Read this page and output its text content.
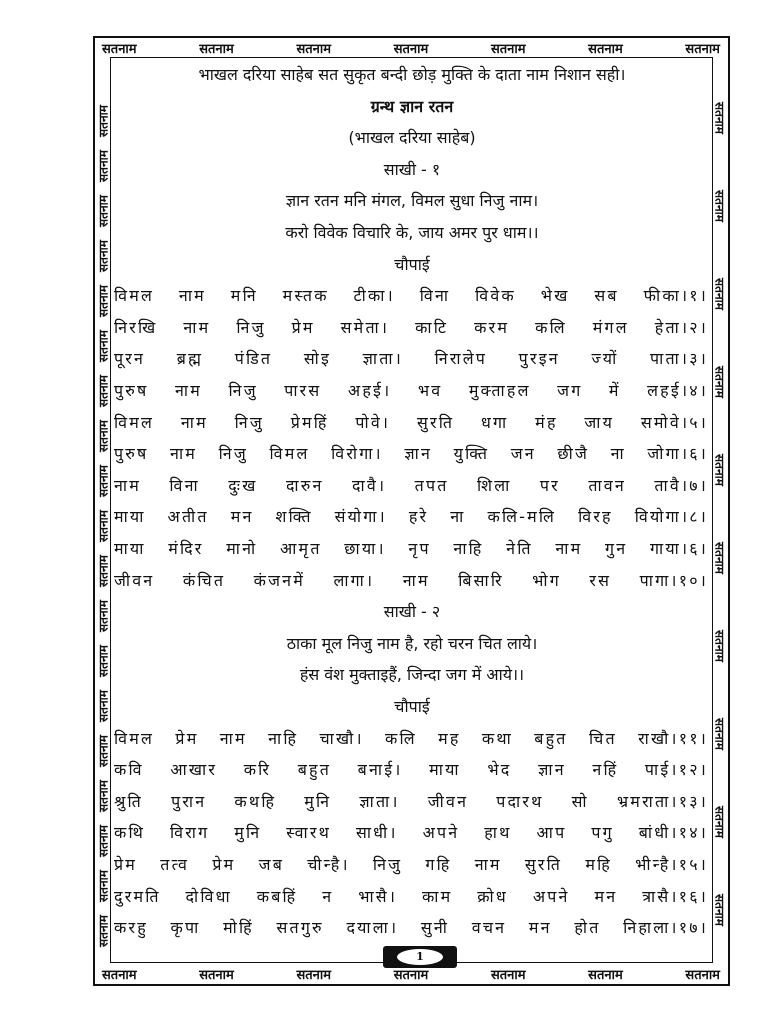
सतनाम	सतनाम	सतनाम	सतनाम	सतनाम	सतनाम	सतनाम
सतनाम	सतनाम	सतनाम	सतनाम	सतनाम	सतनाम	सतनाम
सतनाम
सतनाम
सतनाम
सतनाम
सतनाम
सतनाम
सतनाम
सतनाम
सतनाम
सतनाम
सतनाम
सतनाम
सतनाम
सतनाम
सतनाम
सतनाम
सतनाम
सतनाम
सतनाम
सतनाम
सतनाम
सतनाम
सतनाम
सतनाम
सतनाम
सतनाम
सतनाम
सतनाम
सतनाम
भाखल दरिया साहेब सत सुकृत बन्दी छोड़ मुक्ति के दाता नाम निशान सही।
ग्रन्थ ज्ञान रतन
(भाखल दरिया साहेब)
साखी - १
ज्ञान रतन मनि मंगल, विमल सुधा निजु नाम।
करो विवेक विचारि के, जाय अमर पुर धाम।।
चौपाई
विमल नाम मनि मस्तक टीका। विना विवेक भेख सब फीका।१।
निरखि नाम निजु प्रेम समेता। काटि करम कलि मंगल हेता।२।
पूरन ब्रह्म पंडित सोइ ज्ञाता। निरालेप पुरइन ज्यों पाता।३।
पुरुष नाम निजु पारस अहई। भव मुक्ताहल जग में लहई।४।
विमल नाम निजु प्रेमहिं पोवे। सुरति धगा मंह जाय समोवे।५।
पुरुष नाम निजु विमल विरोगा। ज्ञान युक्ति जन छीजै ना जोगा।६।
नाम विना दुःख दारुन दावै। तपत शिला पर तावन तावै।७।
माया अतीत मन शक्ति संयोगा। हरे ना कलि-मलि विरह वियोगा।८।
माया मंदिर मानो आमृत छाया। नृप नाहि नेति नाम गुन गाया।६।
जीवन कंचित कंजनमें लागा। नाम बिसारि भोग रस पागा।१०।
साखी - २
ठाका मूल निजु नाम है, रहो चरन चित लाये।
हंस वंश मुक्ताइहैं, जिन्दा जग में आये।।
चौपाई
विमल प्रेम नाम नाहि चाखौ। कलि मह कथा बहुत चित राखौ।११।
कवि आखार करि बहुत बनाई। माया भेद ज्ञान नहिं पाई।१२।
श्रुति पुरान कथहि मुनि ज्ञाता। जीवन पदारथ सो भ्रमराता।१३।
कथि विराग मुनि स्वारथ साधी। अपने हाथ आप पगु बांधी।१४।
प्रेम तत्व प्रेम जब चीन्है। निजु गहि नाम सुरति महि भीन्है।१५।
दुरमति दोविधा कबहिं न भासै। काम क्रोध अपने मन त्रासै।१६।
करहु कृपा मोहिं सतगुरु दयाला। सुनी वचन मन होत निहाला।१७।
1
